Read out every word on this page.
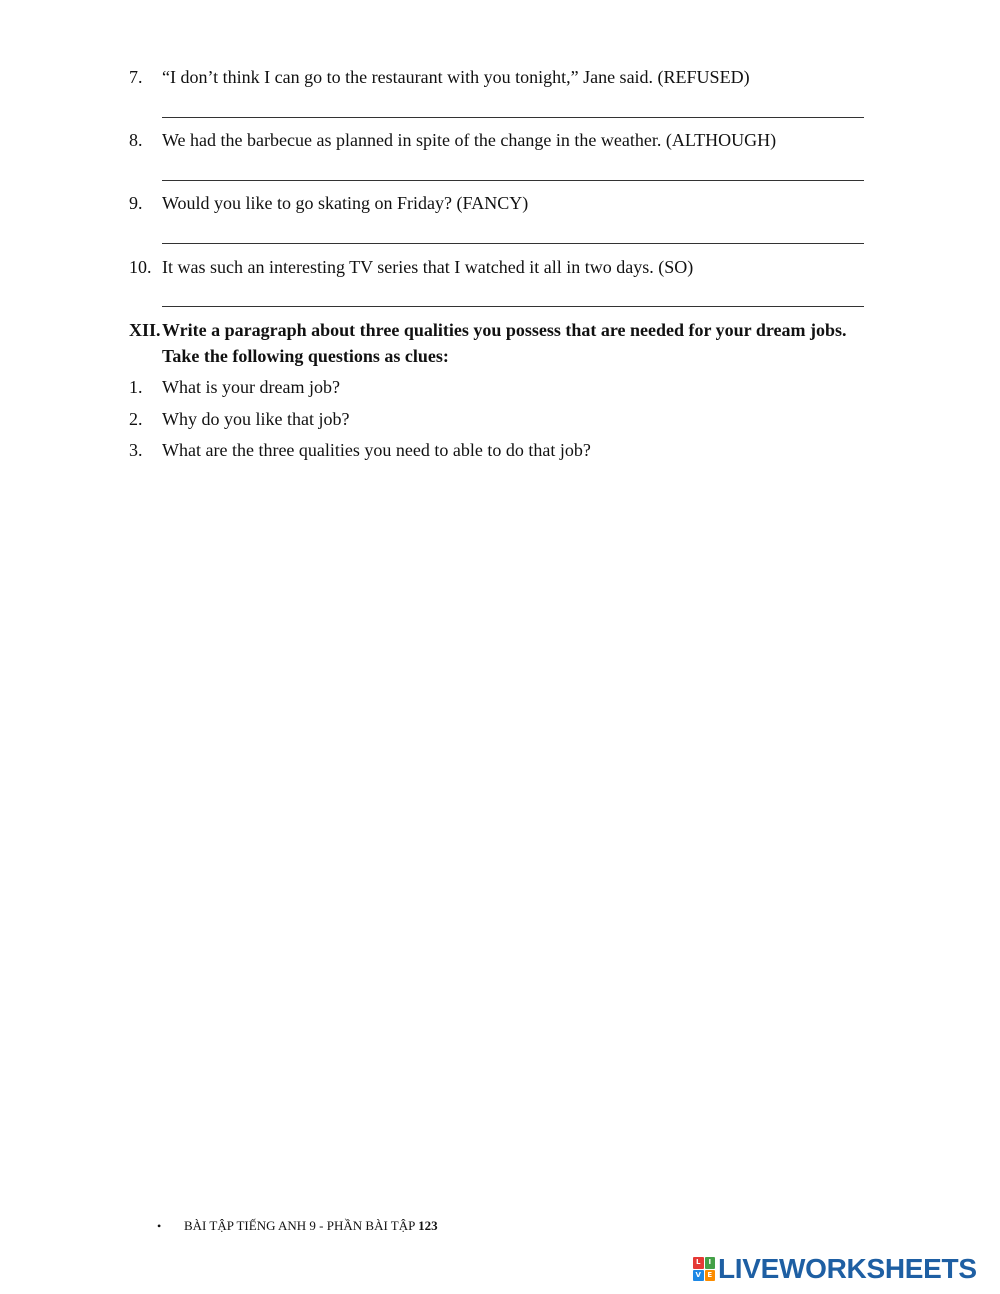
7. “I don’t think I can go to the restaurant with you tonight,” Jane said. (REFUSED)
8. We had the barbecue as planned in spite of the change in the weather. (ALTHOUGH)
9. Would you like to go skating on Friday? (FANCY)
10. It was such an interesting TV series that I watched it all in two days. (SO)
XII. Write a paragraph about three qualities you possess that are needed for your dream jobs.
Take the following questions as clues:
1. What is your dream job?
2. Why do you like that job?
3. What are the three qualities you need to able to do that job?
• BÀI TẬP TIẾNG ANH 9 - PHẦN BÀI TẬP 123
L	I
V E LIVEWORKSHEETS
